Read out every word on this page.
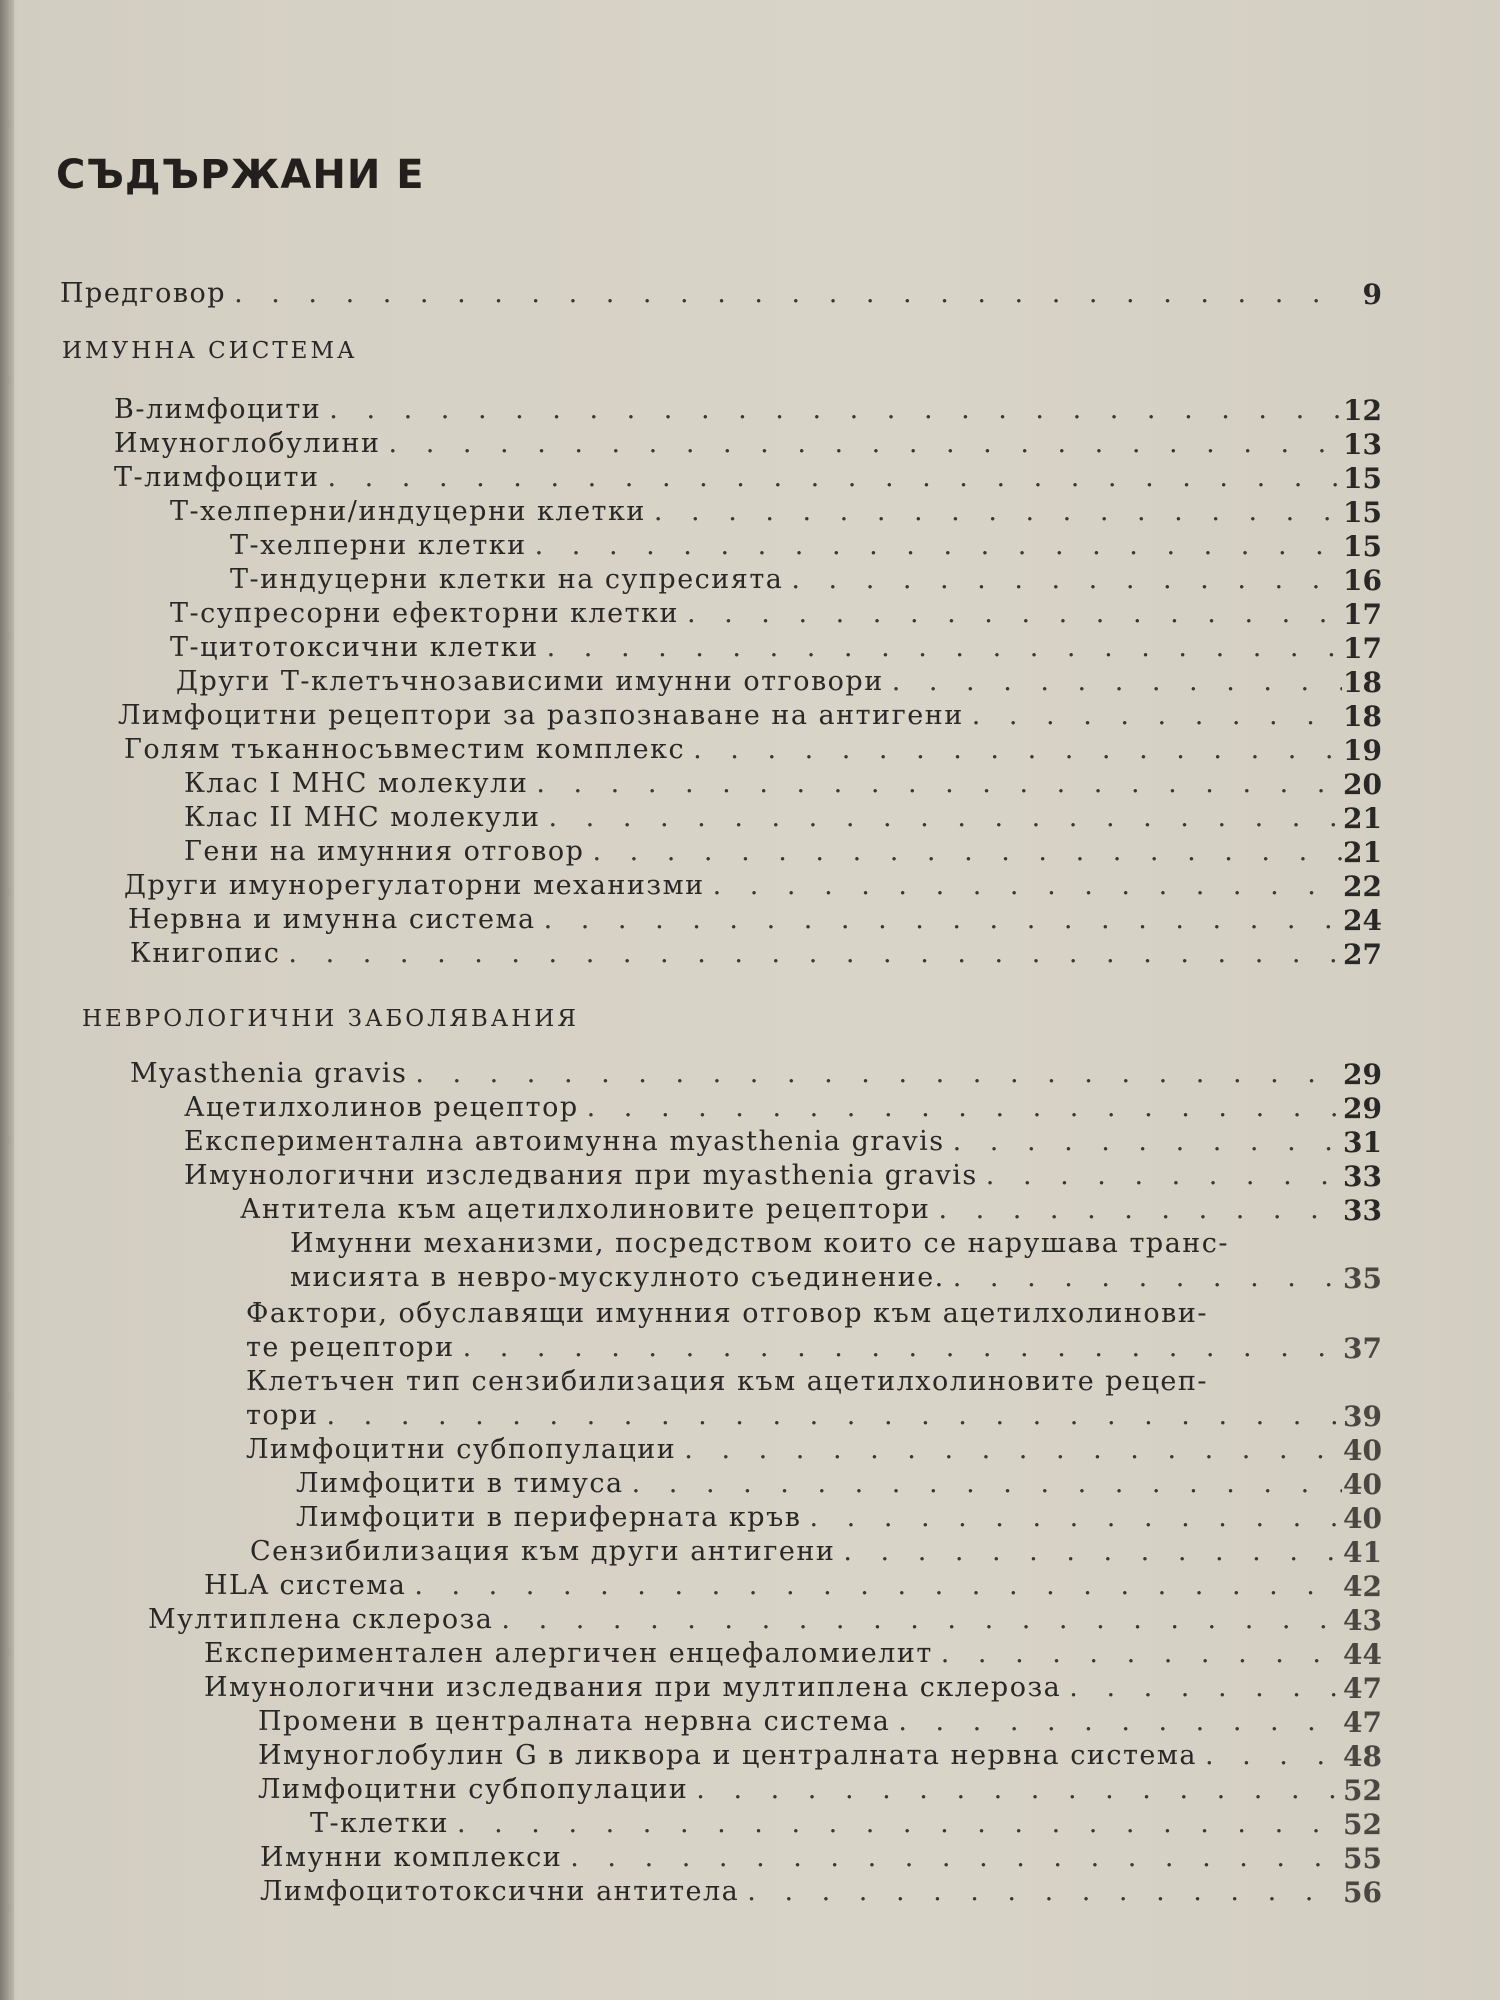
СЪДЪРЖАНИ Е
Предговор . . .	9
ИМУННА СИСТЕМА
В-лимфоцити . . .	12
Имуноглобулини . . .	13
Т-лимфоцити . . .	15
Т-хелперни/индуцерни клетки . . .	15
Т-хелперни клетки . . .	15
Т-индуцерни клетки на супресията . . .	16
Т-супресорни ефекторни клетки . . .	17
Т-цитотоксични клетки . . .	17
Други Т-клетъчнозависими имунни отговори . . .	18
Лимфоцитни рецептори за разпознаване на антигени . . .	18
Голям тъканносъвместим комплекс . . .	19
Клас I МНС молекули . . .	20
Клас II МНС молекули . . .	21
Гени на имунния отговор . . .	21
Други имунорегулаторни механизми . . .	22
Нервна и имунна система . . .	24
Книгопис . . .	27
НЕВРОЛОГИЧНИ ЗАБОЛЯВАНИЯ
Myasthenia gravis . . .	29
Ацетилхолинов рецептор . . .	29
Експериментална автоимунна myasthenia gravis . . .	31
Имунологични изследвания при myasthenia gravis . . .	33
Антитела към ацетилхолиновите рецептори . . .	33
Имунни механизми, посредством които се нарушава транс-
мисията в невро-мускулното съединение. . . .	35
Фактори, обуславящи имунния отговор към ацетилхолинови-
те рецептори . . .	37
Клетъчен тип сензибилизация към ацетилхолиновите рецеп-
тори . . .	39
Лимфоцитни субпопулации . . .	40
Лимфоцити в тимуса . . .	40
Лимфоцити в периферната кръв . . .	40
Сензибилизация към други антигени . . .	41
HLA система . . .	42
Мултиплена склероза . . .	43
Експериментален алергичен енцефаломиелит . . .	44
Имунологични изследвания при мултиплена склероза . . .	47
Промени в централната нервна система . . .	47
Имуноглобулин G в ликвора и централната нервна система . . .	48
Лимфоцитни субпопулации . . .	52
Т-клетки . . .	52
Имунни комплекси . . .	55
Лимфоцитотоксични антитела . . .	56
